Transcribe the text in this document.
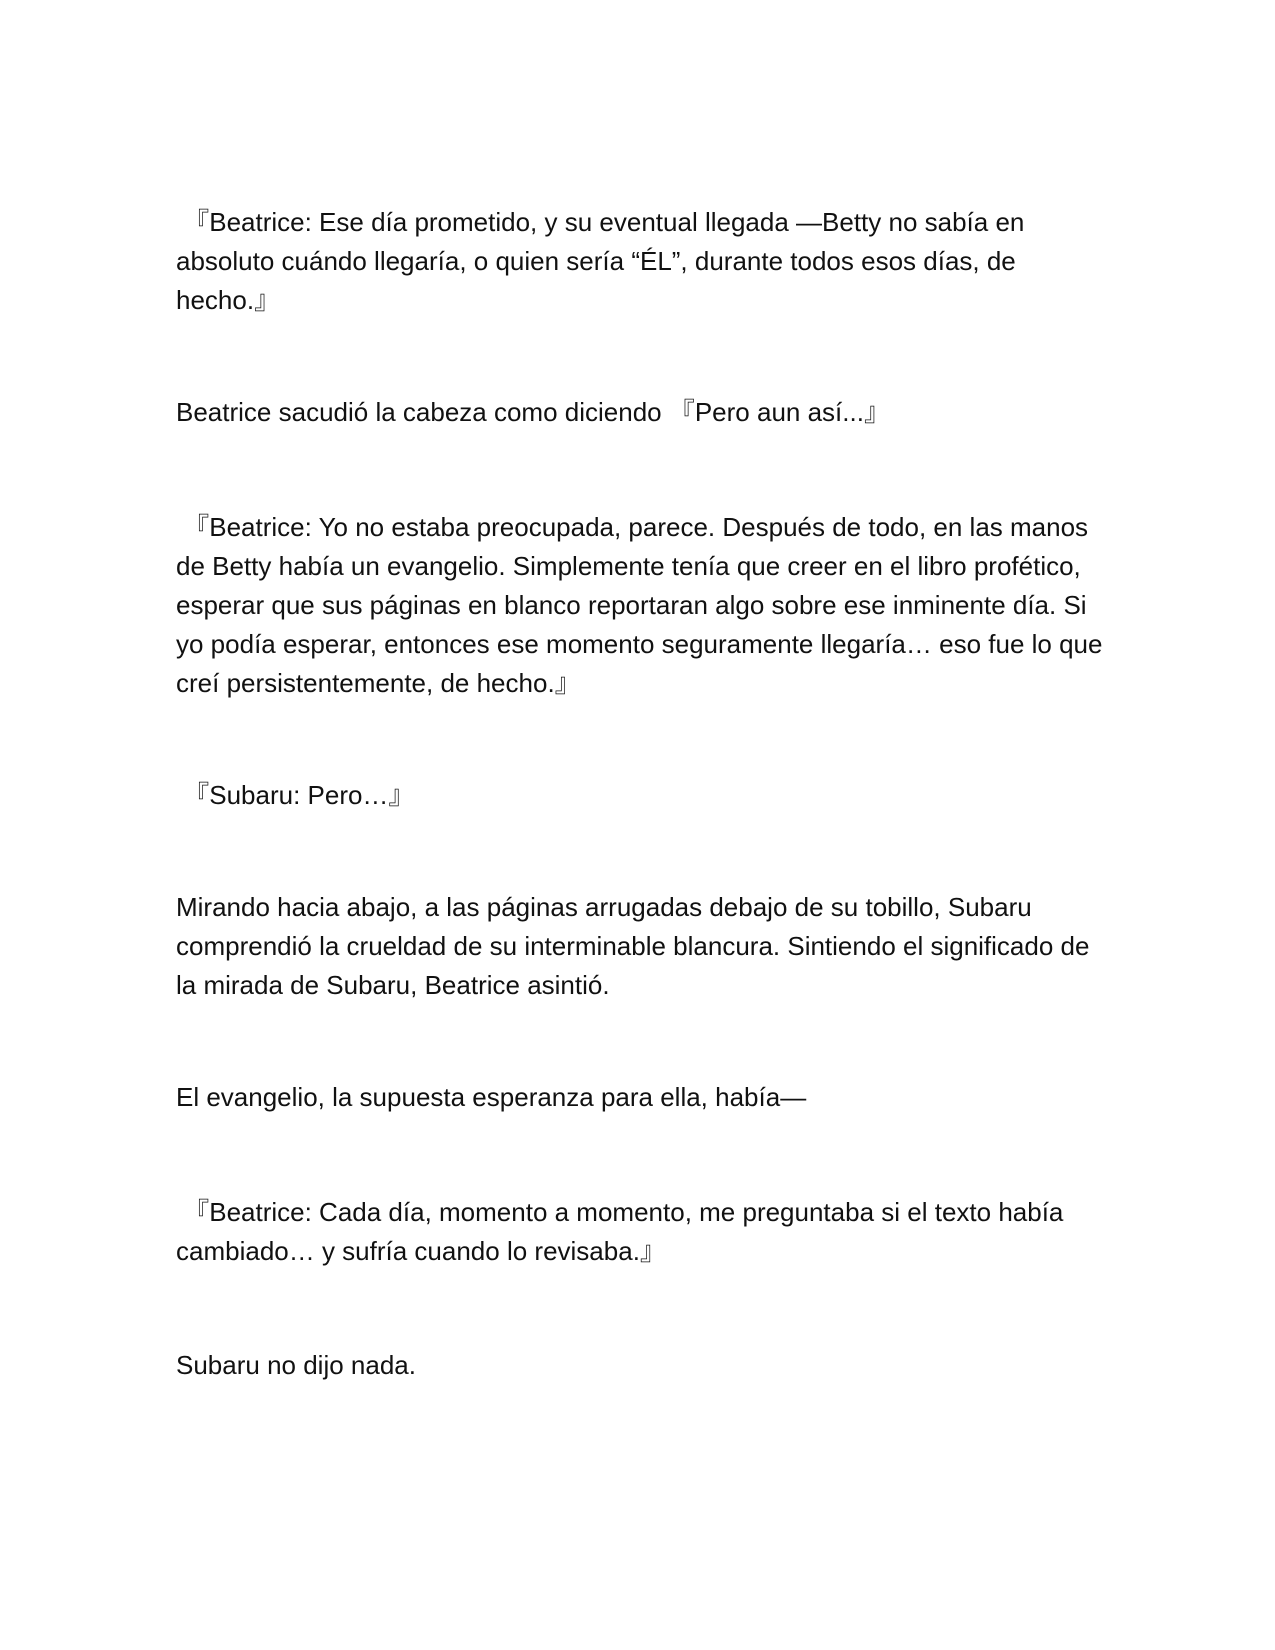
『Beatrice: Ese día prometido, y su eventual llegada —Betty no sabía en absoluto cuándo llegaría, o quien sería “ÉL”, durante todos esos días, de hecho.』

Beatrice sacudió la cabeza como diciendo 『Pero aun así...』

『Beatrice: Yo no estaba preocupada, parece. Después de todo, en las manos de Betty había un evangelio. Simplemente tenía que creer en el libro profético, esperar que sus páginas en blanco reportaran algo sobre ese inminente día. Si yo podía esperar, entonces ese momento seguramente llegaría… eso fue lo que creí persistentemente, de hecho.』

『Subaru: Pero…』

Mirando hacia abajo, a las páginas arrugadas debajo de su tobillo, Subaru comprendió la crueldad de su interminable blancura. Sintiendo el significado de la mirada de Subaru, Beatrice asintió.

El evangelio, la supuesta esperanza para ella, había—

『Beatrice: Cada día, momento a momento, me preguntaba si el texto había cambiado… y sufría cuando lo revisaba.』

Subaru no dijo nada.
